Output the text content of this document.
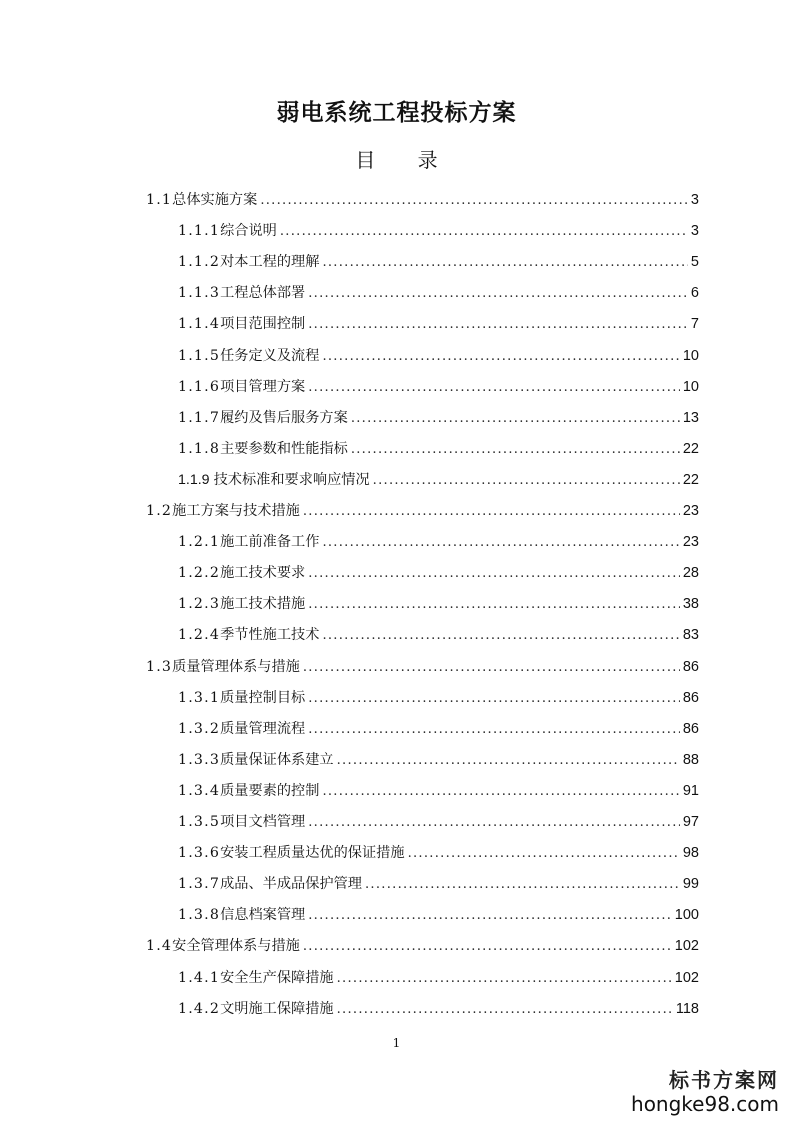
弱电系统工程投标方案
目 录
1.1 总体实施方案 .....	3
1.1.1 综合说明 .....	3
1.1.2 对本工程的理解 .....	5
1.1.3 工程总体部署 .....	6
1.1.4 项目范围控制 .....	7
1.1.5 任务定义及流程 .....	10
1.1.6 项目管理方案 .....	10
1.1.7 履约及售后服务方案 .....	13
1.1.8 主要参数和性能指标 .....	22
1.1.9 技术标准和要求响应情况 .....	22
1.2 施工方案与技术措施 .....	23
1.2.1 施工前准备工作 .....	23
1.2.2 施工技术要求 .....	28
1.2.3 施工技术措施 .....	38
1.2.4 季节性施工技术 .....	83
1.3 质量管理体系与措施 .....	86
1.3.1 质量控制目标 .....	86
1.3.2 质量管理流程 .....	86
1.3.3 质量保证体系建立 .....	88
1.3.4 质量要素的控制 .....	91
1.3.5 项目文档管理 .....	97
1.3.6 安装工程质量达优的保证措施 .....	98
1.3.7 成品、半成品保护管理 .....	99
1.3.8 信息档案管理 .....	100
1.4 安全管理体系与措施 .....	102
1.4.1 安全生产保障措施 .....	102
1.4.2 文明施工保障措施 .....	118
1
标书方案网
hongke98.com
